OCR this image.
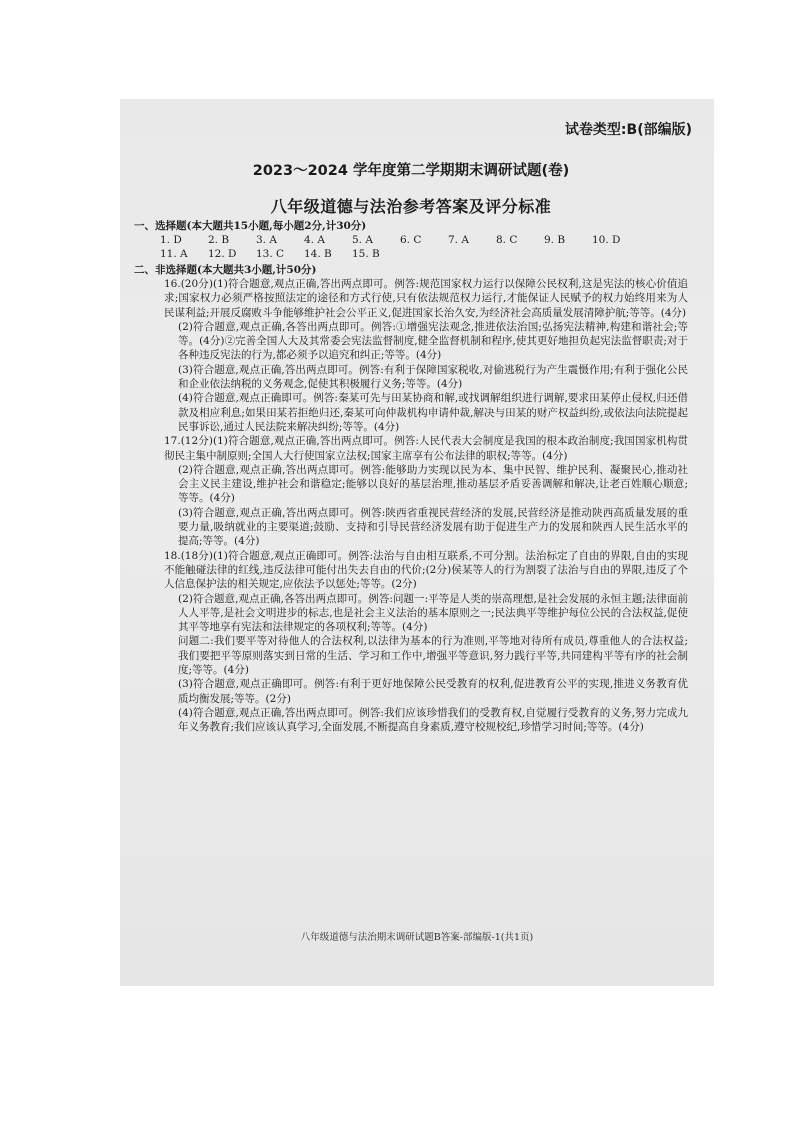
试卷类型:B(部编版)
2023～2024 学年度第二学期期末调研试题(卷)
八年级道德与法治参考答案及评分标准
一、选择题(本大题共15小题,每小题2分,计30分)
1. D	2. B	3. A	4. A	5. A	6. C	7. A	8. C	9. B	10. D
11. A	12. D	13. C	14. B	15. B
二、非选择题(本大题共3小题,计50分)

16.(20分)(1)符合题意,观点正确,答出两点即可。例答:规范国家权力运行以保障公民权利,这是宪法的核心价值追求;国家权力必须严格按照法定的途径和方式行使,只有依法规范权力运行,才能保证人民赋予的权力始终用来为人民谋利益;开展反腐败斗争能够维护社会公平正义,促进国家长治久安,为经济社会高质量发展清障护航;等等。(4分)

(2)符合题意,观点正确,各答出两点即可。例答:①增强宪法观念,推进依法治国;弘扬宪法精神,构建和谐社会;等等。(4分)②完善全国人大及其常委会宪法监督制度,健全监督机制和程序,使其更好地担负起宪法监督职责;对于各种违反宪法的行为,都必须予以追究和纠正;等等。(4分)

(3)符合题意,观点正确,答出两点即可。例答:有利于保障国家税收,对偷逃税行为产生震慑作用;有利于强化公民和企业依法纳税的义务观念,促使其积极履行义务;等等。(4分)

(4)符合题意,观点正确即可。例答:秦某可先与田某协商和解,或找调解组织进行调解,要求田某停止侵权,归还借款及相应利息;如果田某若拒绝归还,秦某可向仲裁机构申请仲裁,解决与田某的财产权益纠纷,或依法向法院提起民事诉讼,通过人民法院来解决纠纷;等等。(4分)

17.(12分)(1)符合题意,观点正确,答出两点即可。例答:人民代表大会制度是我国的根本政治制度;我国国家机构贯彻民主集中制原则;全国人大行使国家立法权;国家主席享有公布法律的职权;等等。(4分)

(2)符合题意,观点正确,答出两点即可。例答:能够助力实现以民为本、集中民智、维护民利、凝聚民心,推动社会主义民主建设,维护社会和谐稳定;能够以良好的基层治理,推动基层矛盾妥善调解和解决,让老百姓顺心顺意;等等。(4分)

(3)符合题意,观点正确,答出两点即可。例答:陕西省重视民营经济的发展,民营经济是推动陕西高质量发展的重要力量,吸纳就业的主要渠道;鼓励、支持和引导民营经济发展有助于促进生产力的发展和陕西人民生活水平的提高;等等。(4分)

18.(18分)(1)符合题意,观点正确即可。例答:法治与自由相互联系,不可分割。法治标定了自由的界限,自由的实现不能触碰法律的红线,违反法律可能付出失去自由的代价;(2分)侯某等人的行为割裂了法治与自由的界限,违反了个人信息保护法的相关规定,应依法予以惩处;等等。(2分)

(2)符合题意,观点正确,各答出两点即可。例答:问题一:平等是人类的崇高理想,是社会发展的永恒主题;法律面前人人平等,是社会文明进步的标志,也是社会主义法治的基本原则之一;民法典平等维护每位公民的合法权益,促使其平等地享有宪法和法律规定的各项权利;等等。(4分)

问题二:我们要平等对待他人的合法权利,以法律为基本的行为准则,平等地对待所有成员,尊重他人的合法权益;我们要把平等原则落实到日常的生活、学习和工作中,增强平等意识,努力践行平等,共同建构平等有序的社会制度;等等。(4分)

(3)符合题意,观点正确即可。例答:有利于更好地保障公民受教育的权利,促进教育公平的实现,推进义务教育优质均衡发展;等等。(2分)

(4)符合题意,观点正确,答出两点即可。例答:我们应该珍惜我们的受教育权,自觉履行受教育的义务,努力完成九年义务教育;我们应该认真学习,全面发展,不断提高自身素质,遵守校规校纪,珍惜学习时间;等等。(4分)

八年级道德与法治期末调研试题B答案-部编版-1(共1页)
